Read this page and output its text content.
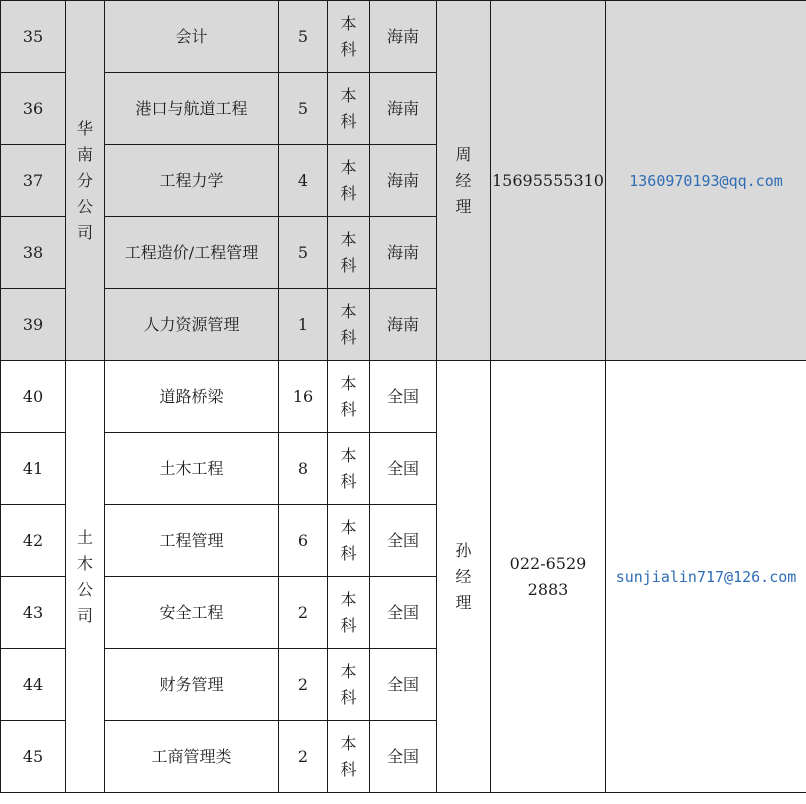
35	华南分公司	会计	5	本科	海南	周经理	15695555310	1360970193@qq.com
36		港口与航道工程	5	本科	海南			
37		工程力学	4	本科	海南			
38		工程造价/工程管理	5	本科	海南			
39		人力资源管理	1	本科	海南			
40	土木公司	道路桥梁	16	本科	全国	孙经理	022-65292883	sunjialin717@126.com
41		土木工程	8	本科	全国			
42		工程管理	6	本科	全国			
43		安全工程	2	本科	全国			
44		财务管理	2	本科	全国			
45		工商管理类	2	本科	全国			
